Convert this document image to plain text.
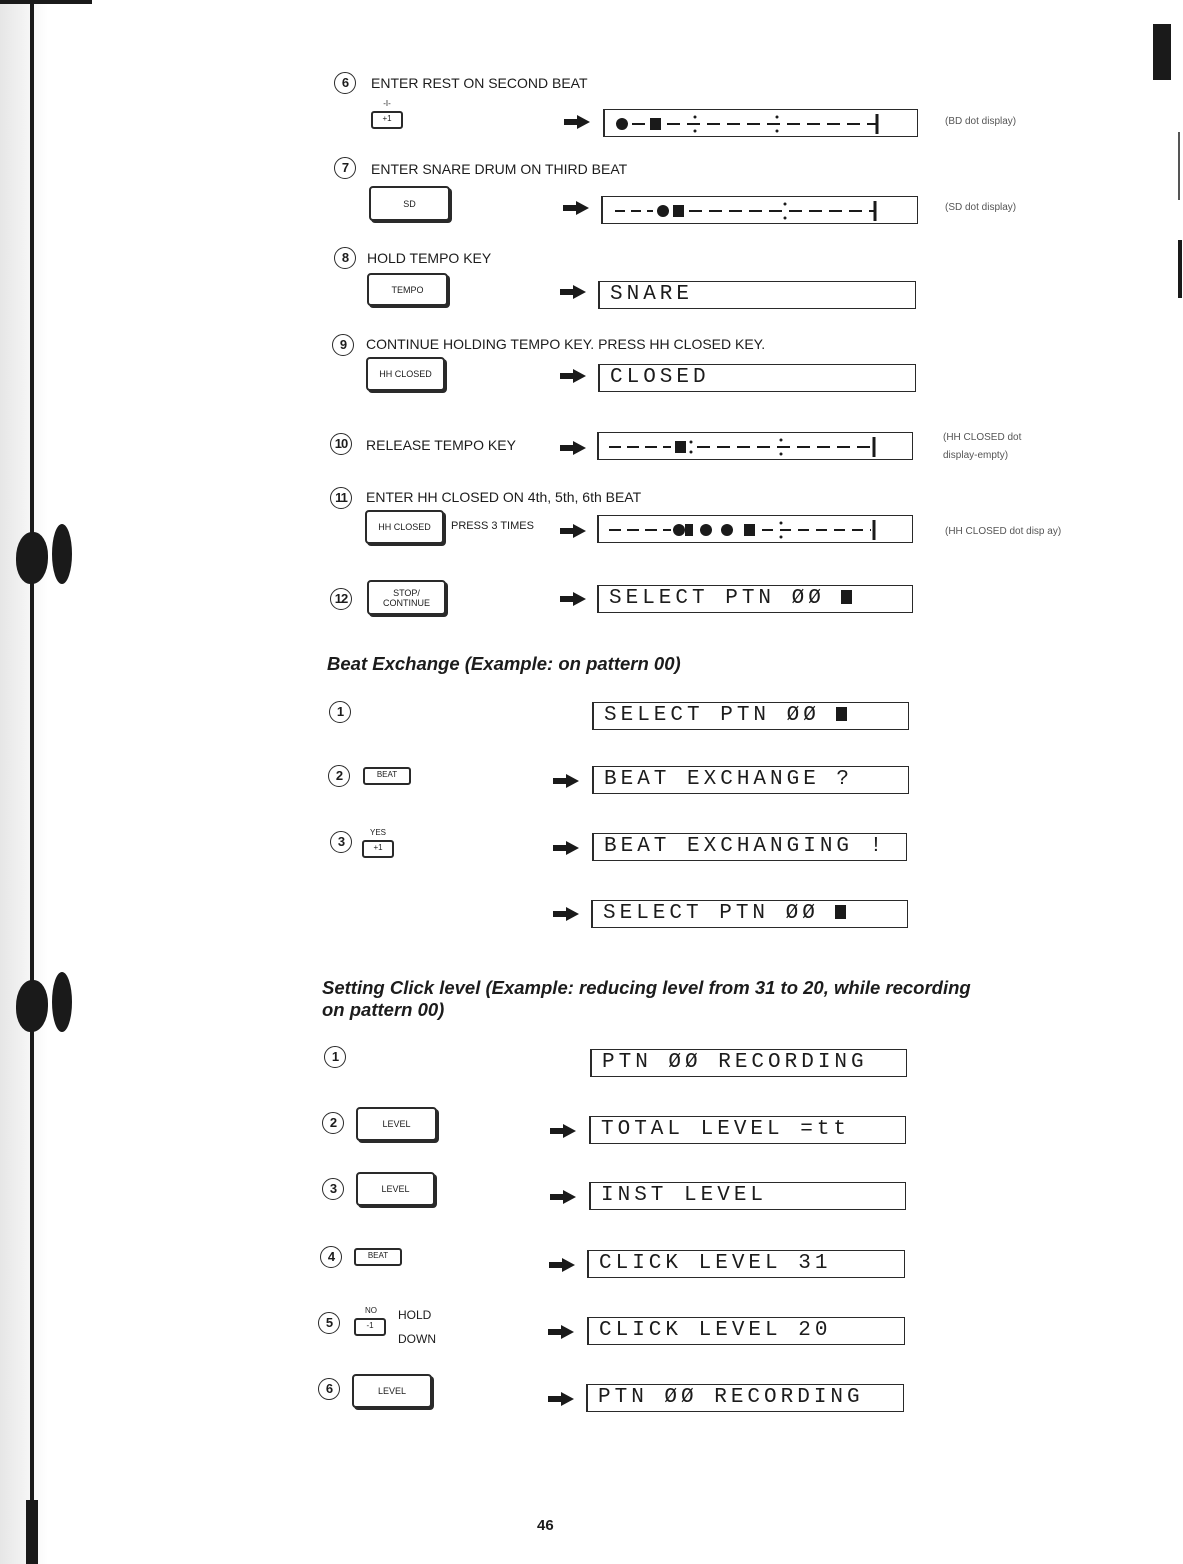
6	ENTER REST ON SECOND BEAT
-I-
+1	(BD dot display)
7	ENTER SNARE DRUM ON THIRD BEAT
SD	(SD dot display)
8	HOLD TEMPO KEY
TEMPO	SNARE
9	CONTINUE HOLDING TEMPO KEY. PRESS HH CLOSED KEY.
HH CLOSED	CLOSED
10	RELEASE TEMPO KEY	(HH CLOSED dot
display-empty)
11	ENTER HH CLOSED ON 4th, 5th, 6th BEAT
HH CLOSED	PRESS 3 TIMES	(HH CLOSED dot disp ay)
12	STOP/
CONTINUE	SELECT PTN ØØ
Beat Exchange (Example: on pattern 00)
1	SELECT PTN ØØ
2	BEAT	BEAT EXCHANGE ?
3
YES
+1	BEAT EXCHANGING !
SELECT PTN ØØ
Setting Click level (Example: reducing level from 31 to 20, while recording
on pattern 00)
1	PTN ØØ RECORDING
2	LEVEL	TOTAL LEVEL =tt
3	LEVEL	INST LEVEL
4	BEAT	CLICK LEVEL 31
5
NO
-1
HOLD
DOWN	CLICK LEVEL 20
6	LEVEL	PTN ØØ RECORDING
46
